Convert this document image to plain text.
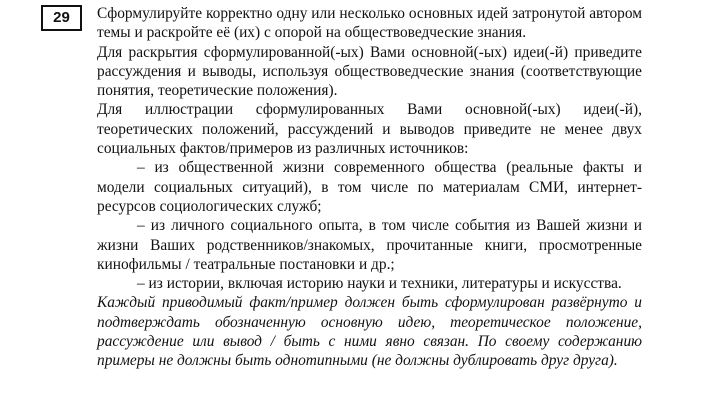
29	Сформулируйте корректно одну или несколько основных идей затронутой автором темы и раскройте её (их) с опорой на обществоведческие знания.

Для раскрытия сформулированной(-ых) Вами основной(-ых) идеи(-й) приведите рассуждения и выводы, используя обществоведческие знания (соответствующие понятия, теоретические положения).

Для иллюстрации сформулированных Вами основной(-ых) идеи(-й), теоретических положений, рассуждений и выводов приведите не менее двух социальных фактов/примеров из различных источников:

– из общественной жизни современного общества (реальные факты и модели социальных ситуаций), в том числе по материалам СМИ, интернет-ресурсов социологических служб;

– из личного социального опыта, в том числе события из Вашей жизни и жизни Ваших родственников/знакомых, прочитанные книги, просмотренные кинофильмы / театральные постановки и др.;

– из истории, включая историю науки и техники, литературы и искусства.

Каждый приводимый факт/пример должен быть сформулирован развёрнуто и подтверждать обозначенную основную идею, теоретическое положение, рассуждение или вывод / быть с ними явно связан. По своему содержанию примеры не должны быть однотипными (не должны дублировать друг друга).
